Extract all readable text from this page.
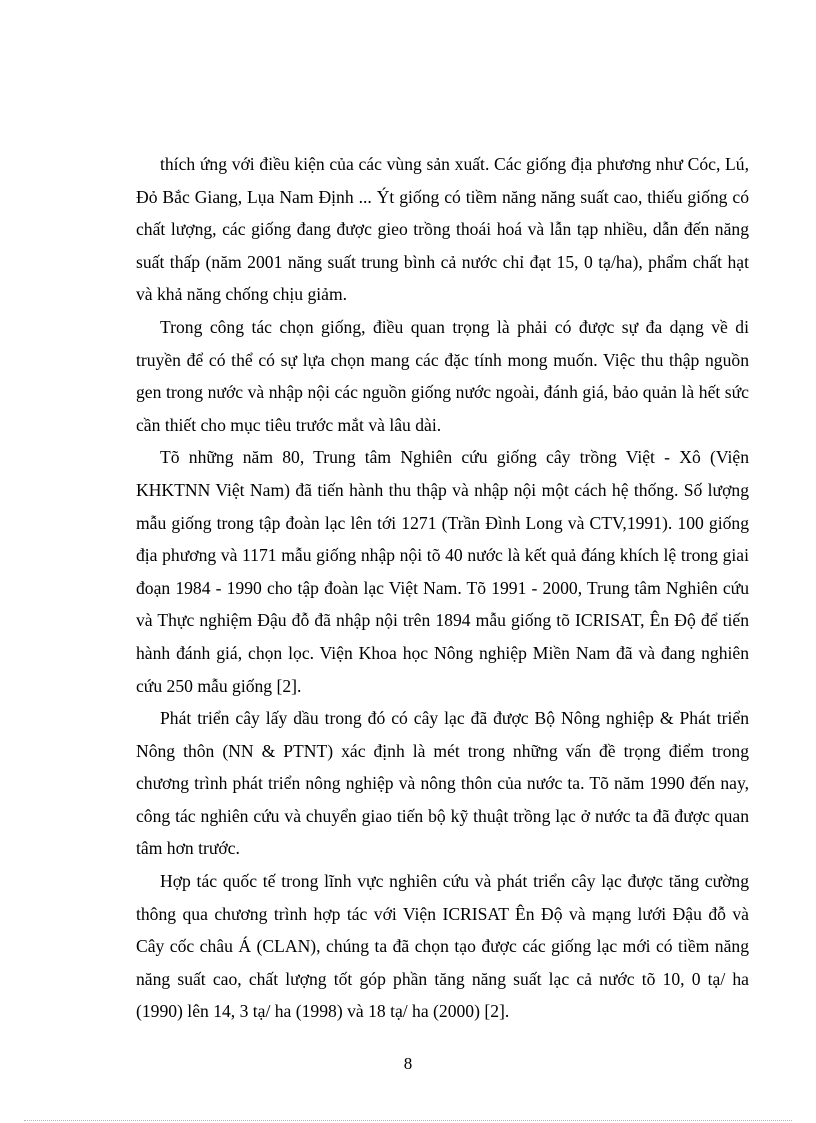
thích ứng với điều kiện của các vùng sản xuất. Các giống địa phương như Cóc, Lú, Đỏ Bắc Giang, Lụa Nam Định ... Ýt giống có tiềm năng năng suất cao, thiếu giống có chất lượng, các giống đang được gieo trồng thoái hoá và lẫn tạp nhiều, dẫn đến năng suất thấp (năm 2001 năng suất trung bình cả nước chỉ đạt 15, 0 tạ/ha), phẩm chất hạt và khả năng chống chịu giảm.

Trong công tác chọn giống, điều quan trọng là phải có được sự đa dạng về di truyền để có thể có sự lựa chọn mang các đặc tính mong muốn. Việc thu thập nguồn gen trong nước và nhập nội các nguồn giống nước ngoài, đánh giá, bảo quản là hết sức cần thiết cho mục tiêu trước mắt và lâu dài.

Tõ những năm 80, Trung tâm Nghiên cứu giống cây trồng Việt - Xô (Viện KHKTNN Việt Nam) đã tiến hành thu thập và nhập nội một cách hệ thống. Số lượng mẫu giống trong tập đoàn lạc lên tới 1271 (Trần Đình Long và CTV,1991). 100 giống địa phương và 1171 mẫu giống nhập nội tõ 40 nước là kết quả đáng khích lệ trong giai đoạn 1984 - 1990 cho tập đoàn lạc Việt Nam. Tõ 1991 - 2000, Trung tâm Nghiên cứu và Thực nghiệm Đậu đỗ đã nhập nội trên 1894 mẫu giống tõ ICRISAT, Ên Độ để tiến hành đánh giá, chọn lọc. Viện Khoa học Nông nghiệp Miền Nam đã và đang nghiên cứu 250 mẫu giống [2].

Phát triển cây lấy dầu trong đó có cây lạc đã được Bộ Nông nghiệp & Phát triển Nông thôn (NN & PTNT) xác định là mét trong những vấn đề trọng điểm trong chương trình phát triển nông nghiệp và nông thôn của nước ta. Tõ năm 1990 đến nay, công tác nghiên cứu và chuyển giao tiến bộ kỹ thuật trồng lạc ở nước ta đã được quan tâm hơn trước.

Hợp tác quốc tế trong lĩnh vực nghiên cứu và phát triển cây lạc được tăng cường thông qua chương trình hợp tác với Viện ICRISAT Ên Độ và mạng lưới Đậu đỗ và Cây cốc châu Á (CLAN), chúng ta đã chọn tạo được các giống lạc mới có tiềm năng năng suất cao, chất lượng tốt góp phần tăng năng suất lạc cả nước tõ 10, 0 tạ/ ha (1990) lên 14, 3 tạ/ ha (1998) và 18 tạ/ ha (2000) [2].

8
